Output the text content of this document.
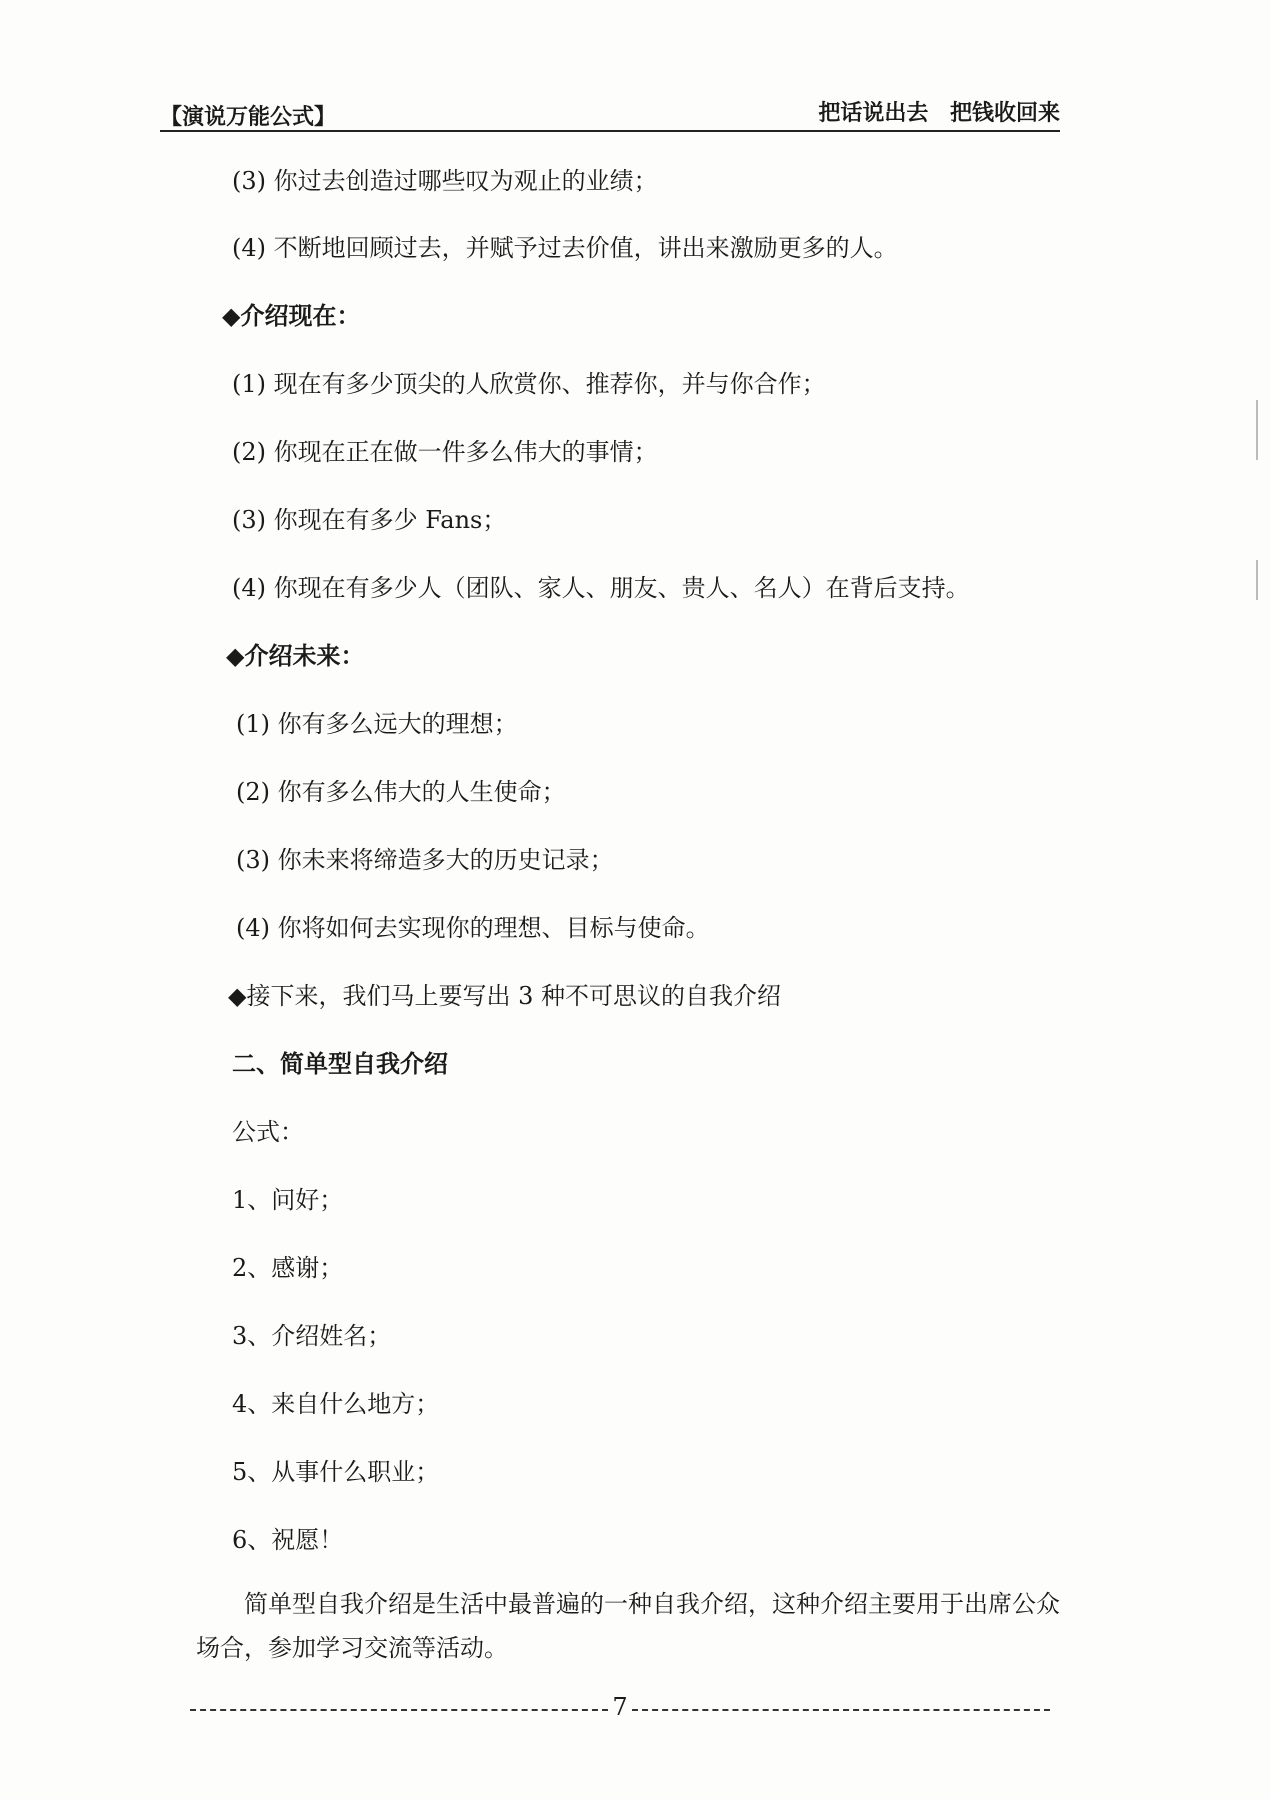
【演说万能公式】	把话说出去 把钱收回来
(3) 你过去创造过哪些叹为观止的业绩；
(4) 不断地回顾过去，并赋予过去价值，讲出来激励更多的人。
◆介绍现在：
(1) 现在有多少顶尖的人欣赏你、推荐你，并与你合作；
(2) 你现在正在做一件多么伟大的事情；
(3) 你现在有多少 Fans；
(4) 你现在有多少人（团队、家人、朋友、贵人、名人）在背后支持。
◆介绍未来：
(1) 你有多么远大的理想；
(2) 你有多么伟大的人生使命；
(3) 你未来将缔造多大的历史记录；
(4) 你将如何去实现你的理想、目标与使命。
◆接下来，我们马上要写出 3 种不可思议的自我介绍
二、简单型自我介绍
公式：
1、问好；
2、感谢；
3、介绍姓名；
4、来自什么地方；
5、从事什么职业；
6、祝愿！
简单型自我介绍是生活中最普遍的一种自我介绍，这种介绍主要用于出席公众场合，参加学习交流等活动。
7
